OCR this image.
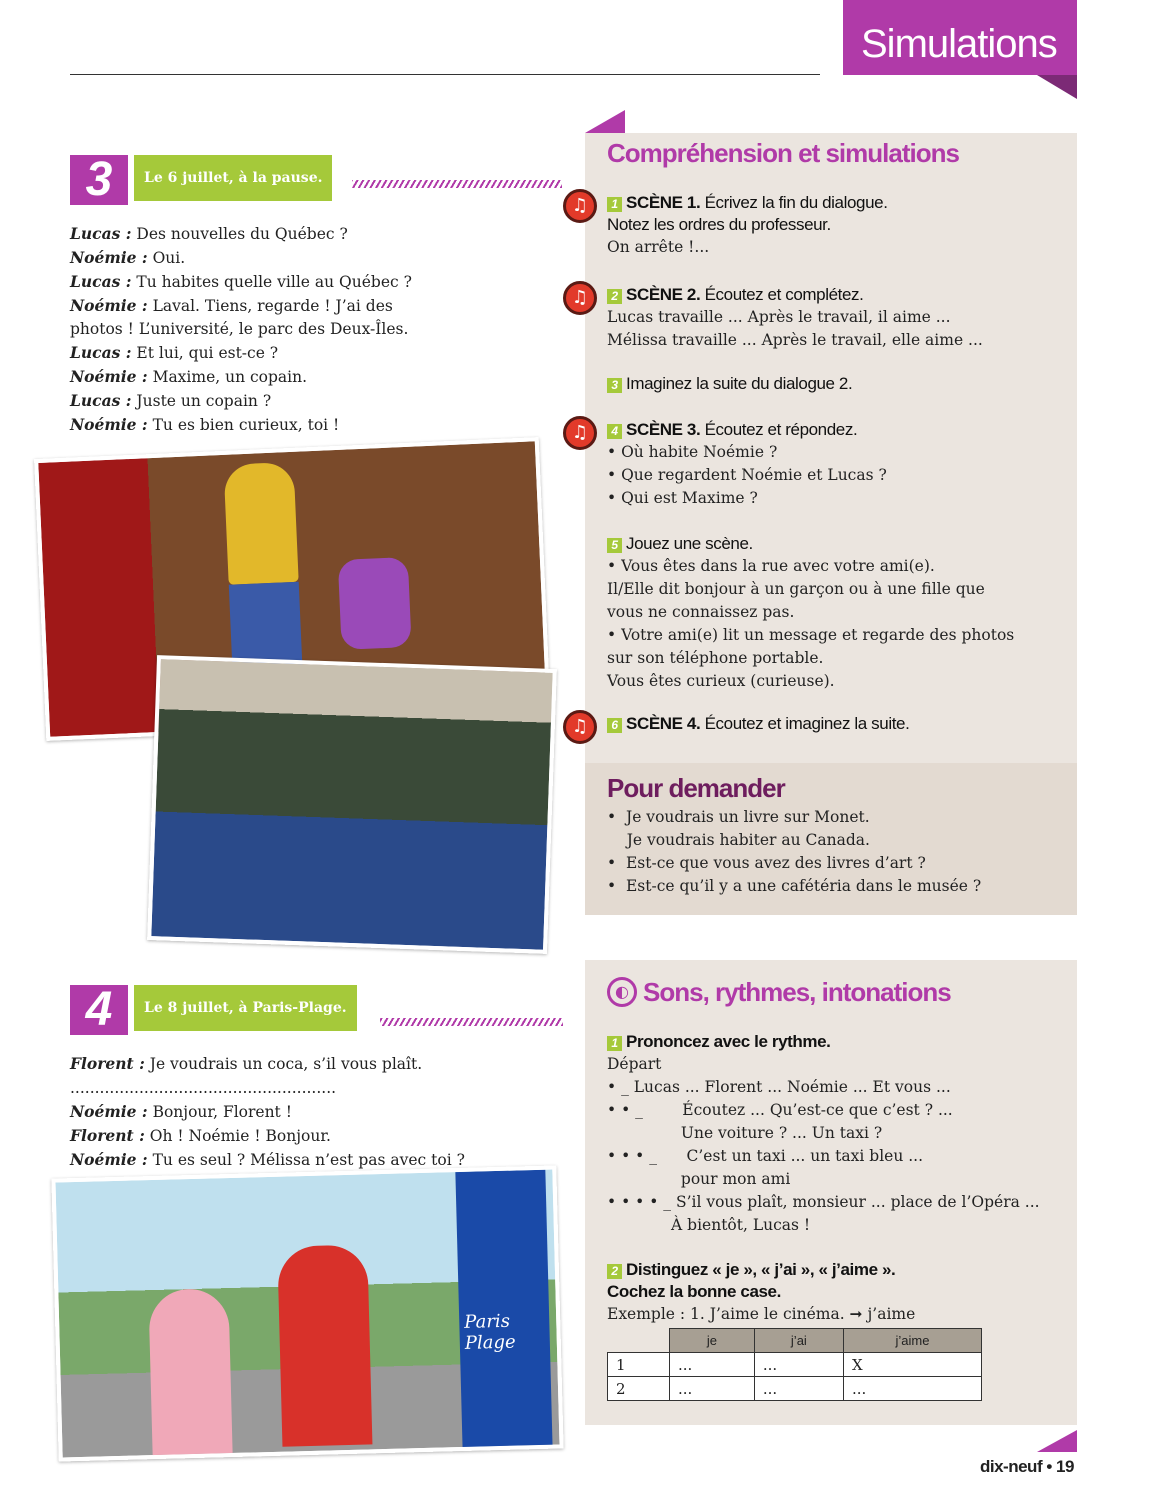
Simulations
3	Le 6 juillet, à la pause.
Lucas : Des nouvelles du Québec ?
Noémie : Oui.
Lucas : Tu habites quelle ville au Québec ?
Noémie : Laval. Tiens, regarde ! J’ai des photos ! L’université, le parc des Deux-Îles.
Lucas : Et lui, qui est-ce ?
Noémie : Maxime, un copain.
Lucas : Juste un copain ?
Noémie : Tu es bien curieux, toi !
4	Le 8 juillet, à Paris-Plage.
Florent : Je voudrais un coca, s’il vous plaît.
......................................................
Noémie : Bonjour, Florent !
Florent : Oh ! Noémie ! Bonjour.
Noémie : Tu es seul ? Mélissa n’est pas avec toi ?
Paris Plage
Compréhension et simulations
♫	1 SCÈNE 1. Écrivez la fin du dialogue.
Notez les ordres du professeur.
On arrête !...
♫	2 SCÈNE 2. Écoutez et complétez.
Lucas travaille ... Après le travail, il aime ...
Mélissa travaille ... Après le travail, elle aime ...
3 Imaginez la suite du dialogue 2.
♫	4 SCÈNE 3. Écoutez et répondez.
• Où habite Noémie ?
• Que regardent Noémie et Lucas ?
• Qui est Maxime ?
5 Jouez une scène.
• Vous êtes dans la rue avec votre ami(e).
Il/Elle dit bonjour à un garçon ou à une fille que
vous ne connaissez pas.
• Votre ami(e) lit un message et regarde des photos
sur son téléphone portable.
Vous êtes curieux (curieuse).
♫	6 SCÈNE 4. Écoutez et imaginez la suite.
Pour demander
•  Je voudrais un livre sur Monet.
Je voudrais habiter au Canada.
•  Est-ce que vous avez des livres d’art ?
•  Est-ce qu’il y a une cafétéria dans le musée ?
◐ Sons, rythmes, intonations
1 Prononcez avec le rythme.
Départ
• _ Lucas ... Florent ... Noémie ... Et vous ...
• • _        Écoutez ... Qu’est-ce que c’est ? ...
Une voiture ? ... Un taxi ?
• • • _      C’est un taxi ... un taxi bleu ...
pour mon ami
• • • • _ S’il vous plaît, monsieur ... place de l’Opéra ...
À bientôt, Lucas !
2 Distinguez « je », « j’ai », « j’aime ».
Cochez la bonne case.
Exemple : 1. J’aime le cinéma. ➞ j’aime
	je	j’ai	j’aime
1	...	...	X
2	...	...	...
dix-neuf • 19
